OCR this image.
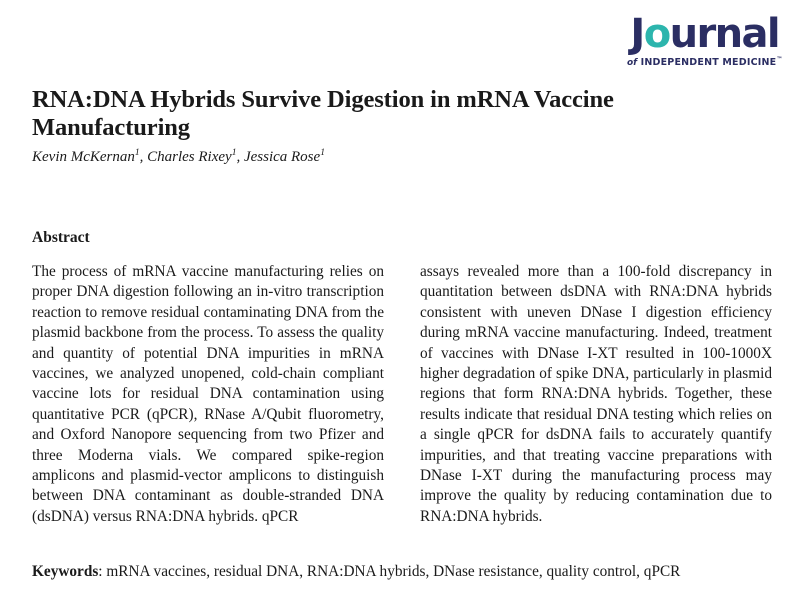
Journal
of INDEPENDENT MEDICINE™
RNA:DNA Hybrids Survive Digestion in mRNA Vaccine Manufacturing
Kevin McKernan$^1$, Charles Rixey$^1$, Jessica Rose$^1$
Abstract

The process of mRNA vaccine manufacturing relies on proper DNA digestion following an in-vitro transcription reaction to remove residual contaminating DNA from the plasmid backbone from the process. To assess the quality and quantity of potential DNA impurities in mRNA vaccines, we analyzed unopened, cold-chain compliant vaccine lots for residual DNA contamination using quantitative PCR (qPCR), RNase A/Qubit fluorometry, and Oxford Nanopore sequencing from two Pfizer and three Moderna vials. We compared spike-region amplicons and plasmid-vector amplicons to distinguish between DNA contaminant as double-stranded DNA (dsDNA) versus RNA:DNA hybrids. qPCR

assays revealed more than a 100-fold discrepancy in quantitation between dsDNA with RNA:DNA hybrids consistent with uneven DNase I digestion efficiency during mRNA vaccine manufacturing. Indeed, treatment of vaccines with DNase I-XT resulted in 100-1000X higher degradation of spike DNA, particularly in plasmid regions that form RNA:DNA hybrids. Together, these results indicate that residual DNA testing which relies on a single qPCR for dsDNA fails to accurately quantify impurities, and that treating vaccine preparations with DNase I-XT during the manufacturing process may improve the quality by reducing contamination due to RNA:DNA hybrids.

Keywords: mRNA vaccines, residual DNA, RNA:DNA hybrids, DNase resistance, quality control, qPCR
